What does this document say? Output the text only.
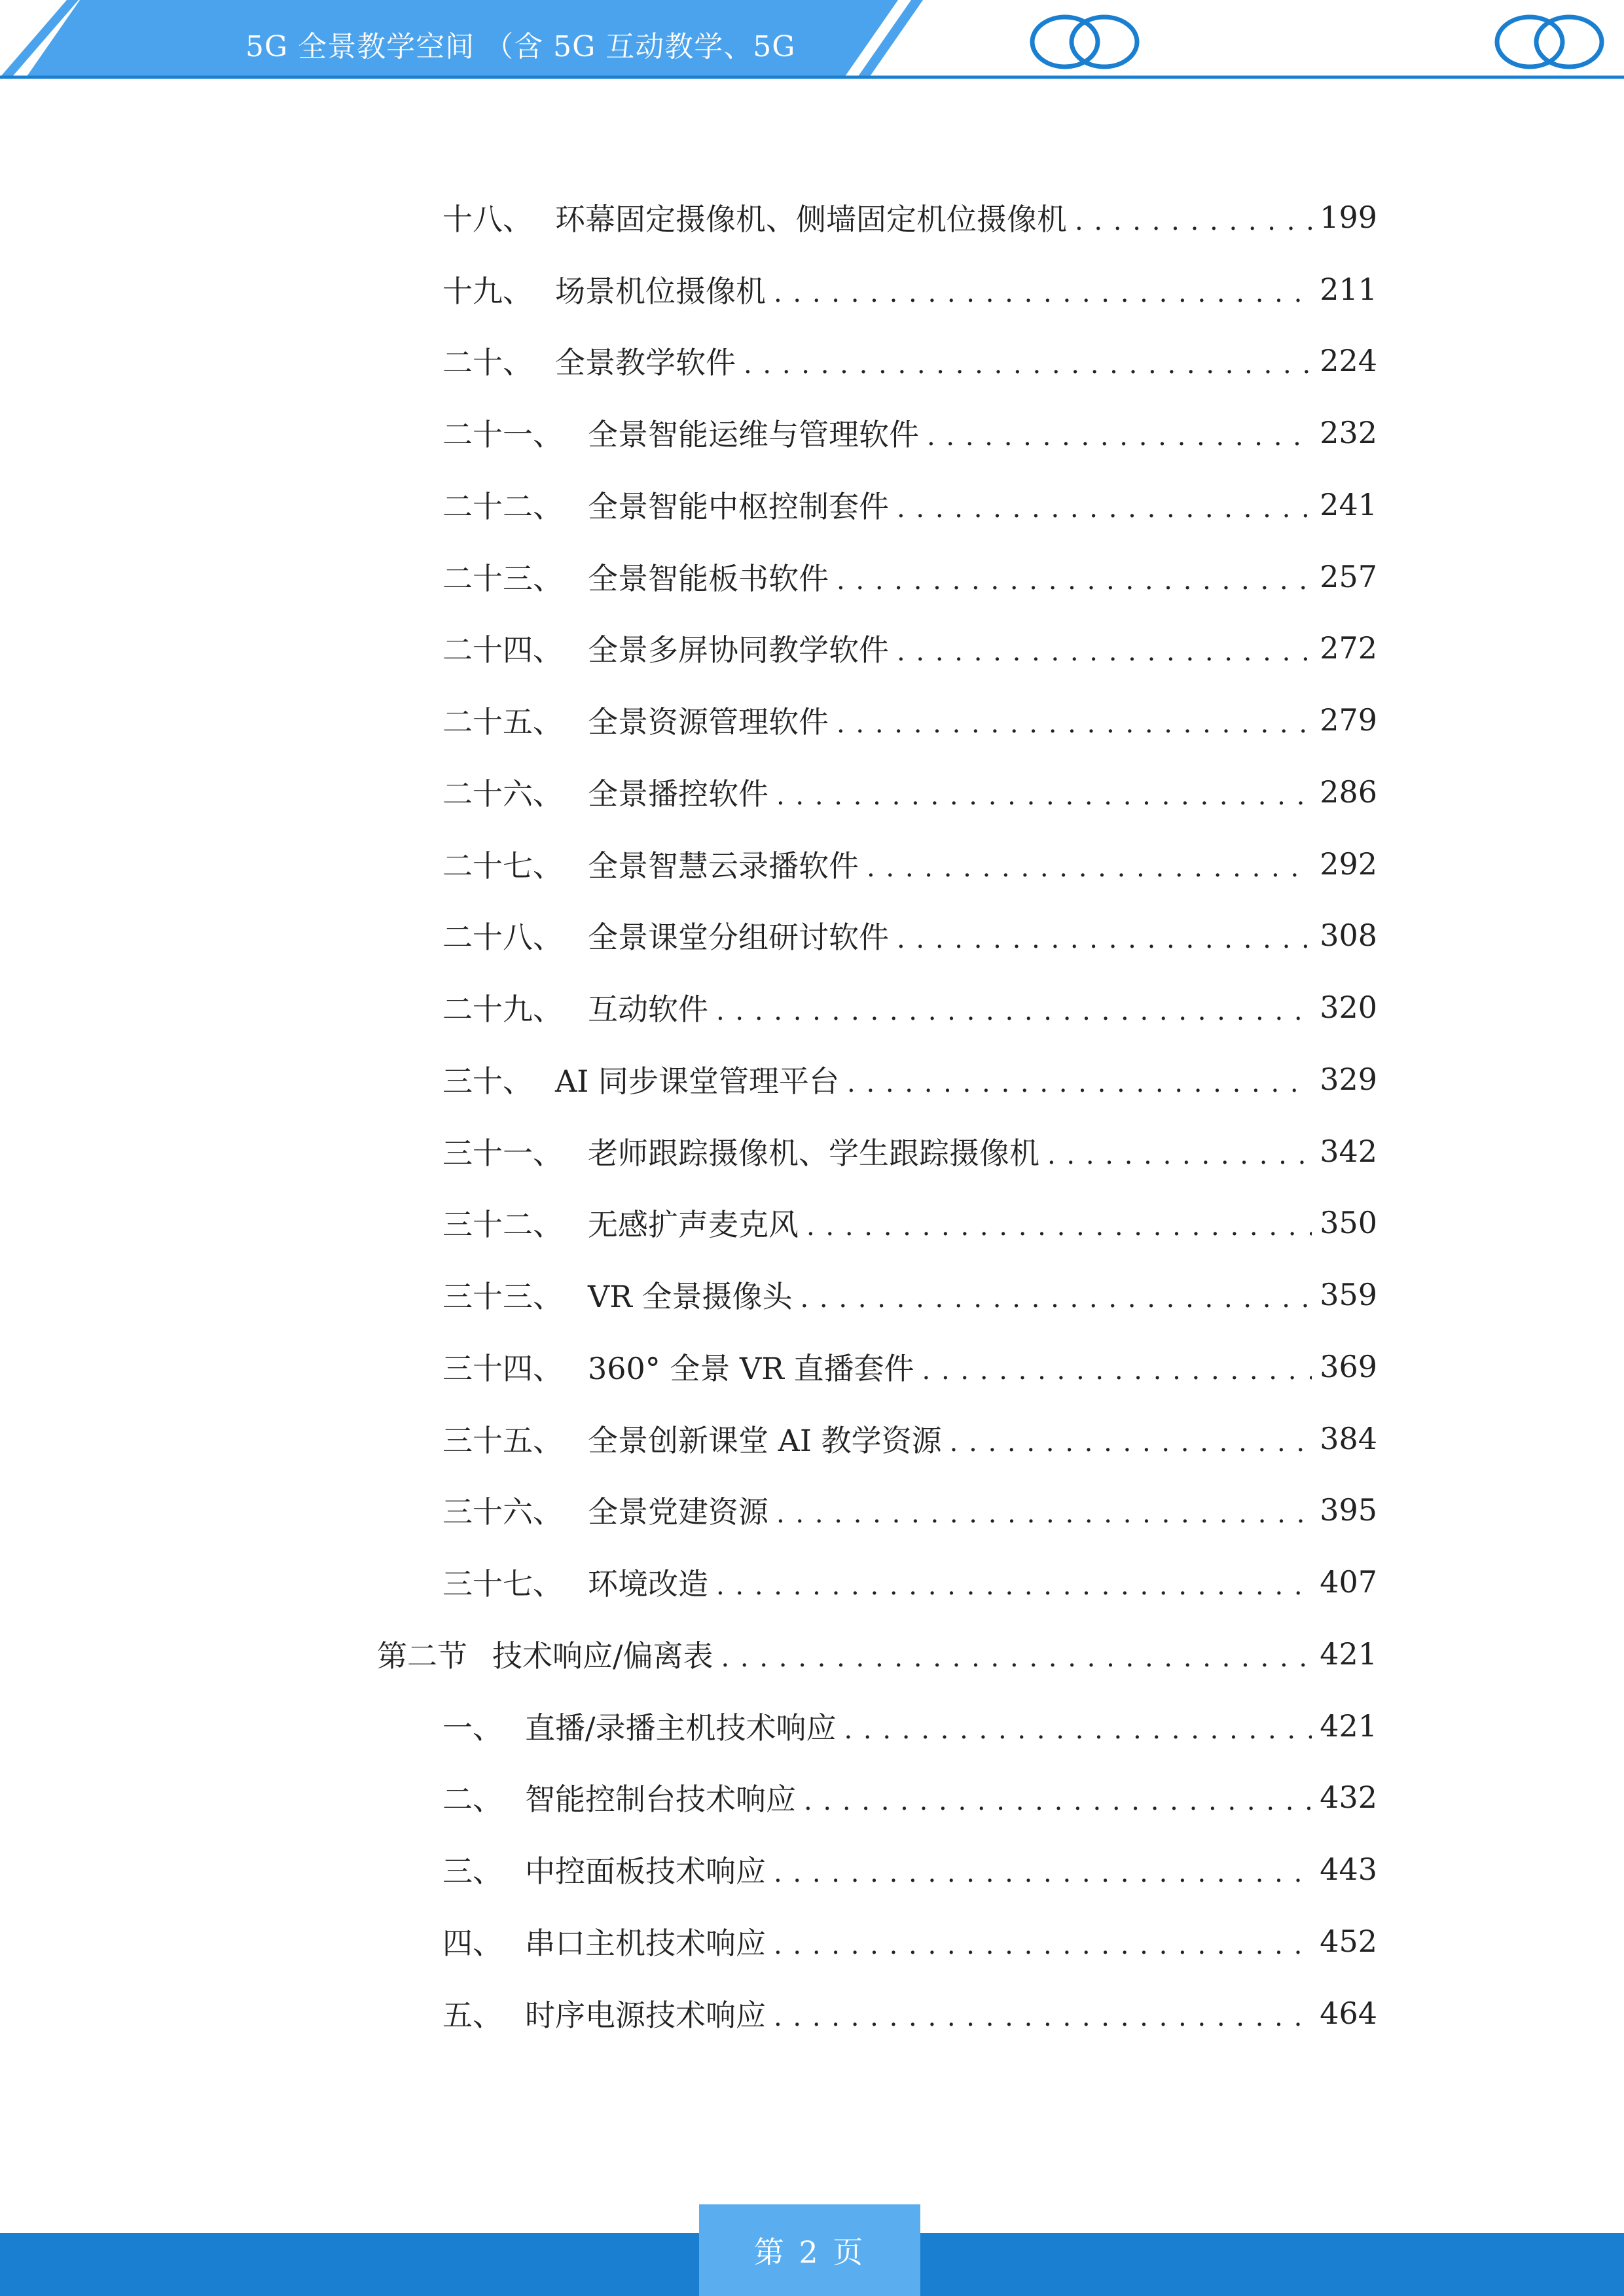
5G 全景教学空间 （含 5G 互动教学、5G
十八、 环幕固定摄像机、侧墙固定机位摄像机 . . .	199
十九、 场景机位摄像机 . . .	211
二十、 全景教学软件 . . .	224
二十一、 全景智能运维与管理软件 . . .	232
二十二、 全景智能中枢控制套件 . . .	241
二十三、 全景智能板书软件 . . .	257
二十四、 全景多屏协同教学软件 . . .	272
二十五、 全景资源管理软件 . . .	279
二十六、 全景播控软件 . . .	286
二十七、 全景智慧云录播软件 . . .	292
二十八、 全景课堂分组研讨软件 . . .	308
二十九、 互动软件 . . .	320
三十、 AI 同步课堂管理平台 . . .	329
三十一、 老师跟踪摄像机、学生跟踪摄像机 . . .	342
三十二、 无感扩声麦克风 . . .	350
三十三、 VR 全景摄像头 . . .	359
三十四、 360° 全景 VR 直播套件 . . .	369
三十五、 全景创新课堂 AI 教学资源 . . .	384
三十六、 全景党建资源 . . .	395
三十七、 环境改造 . . .	407
第二节 技术响应/偏离表 . . .	421
一、 直播/录播主机技术响应 . . .	421
二、 智能控制台技术响应 . . .	432
三、 中控面板技术响应 . . .	443
四、 串口主机技术响应 . . .	452
五、 时序电源技术响应 . . .	464
第 2 页
